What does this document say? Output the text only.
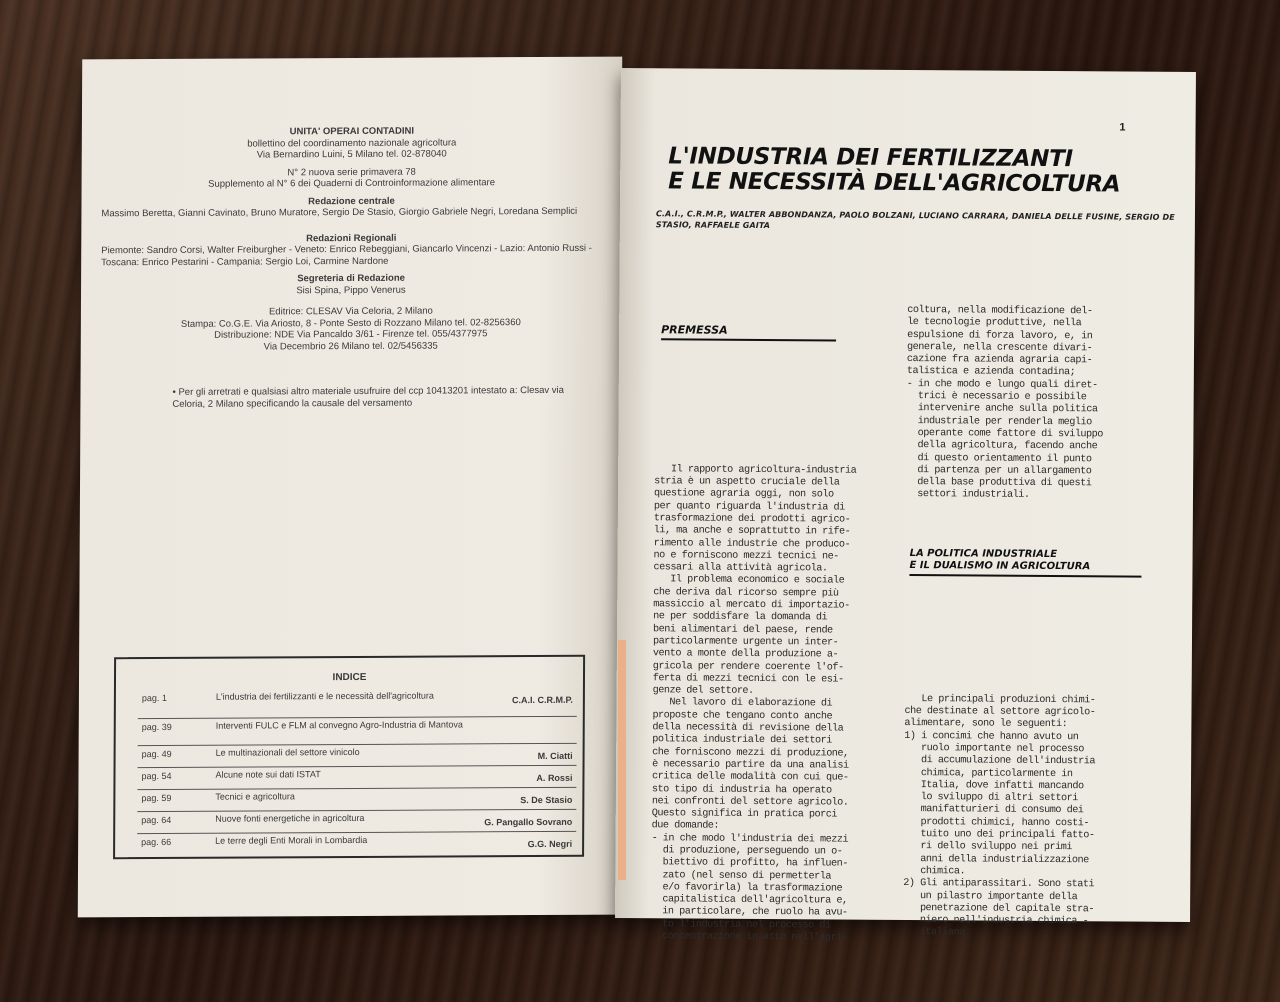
UNITA' OPERAI CONTADINI
bollettino del coordinamento nazionale agricoltura
Via Bernardino Luini, 5 Milano tel. 02-878040
N° 2 nuova serie primavera 78
Supplemento al N° 6 dei Quaderni di Controinformazione alimentare
Redazione centrale
Massimo Beretta, Gianni Cavinato, Bruno Muratore, Sergio De Stasio, Giorgio Gabriele Negri, Loredana Semplici
Redazioni Regionali
Piemonte: Sandro Corsi, Walter Freiburgher - Veneto: Enrico Rebeggiani, Giancarlo Vincenzi - Lazio: Antonio Russi - Toscana: Enrico Pestarini - Campania: Sergio Loi, Carmine Nardone
Segreteria di Redazione
Sisi Spina, Pippo Venerus
Editrice: CLESAV Via Celoria, 2 Milano
Stampa: Co.G.E. Via Ariosto, 8 - Ponte Sesto di Rozzano Milano tel. 02-8256360
Distribuzione: NDE Via Pancaldo 3/61 - Firenze tel. 055/4377975
Via Decembrio 26 Milano tel. 02/5456335
• Per gli arretrati e qualsiasi altro materiale usufruire del ccp 10413201 intestato a: Clesav via Celoria, 2 Milano specificando la causale del versamento
INDICE
pag. 1	L'industria dei fertilizzanti e le necessità dell'agricoltura	C.A.I. C.R.M.P.
pag. 39	Interventi FULC e FLM al convegno Agro-Industria di Mantova
pag. 49	Le multinazionali del settore vinicolo	M. Ciatti
pag. 54	Alcune note sui dati ISTAT	A. Rossi
pag. 59	Tecnici e agricoltura	S. De Stasio
pag. 64	Nuove fonti energetiche in agricoltura	G. Pangallo Sovrano
pag. 66	Le terre degli Enti Morali in Lombardia	G.G. Negri
1
L'INDUSTRIA DEI FERTILIZZANTI
E LE NECESSITÀ DELL'AGRICOLTURA
C.A.I., C.R.M.P., WALTER ABBONDANZA, PAOLO BOLZANI, LUCIANO CARRARA, DANIELA DELLE FUSINE, SERGIO DE STASIO, RAFFAELE GAITA
PREMESSA

Il rapporto agricoltura-industria
stria è un aspetto cruciale della
questione agraria oggi, non solo
per quanto riguarda l'industria di
trasformazione dei prodotti agrico-
li, ma anche e soprattutto in rife-
rimento alle industrie che produco-
no e forniscono mezzi tecnici ne-
cessari alla attività agricola.
Il problema economico e sociale
che deriva dal ricorso sempre più
massiccio al mercato di importazio-
ne per soddisfare la domanda di
beni alimentari del paese, rende
particolarmente urgente un inter-
vento a monte della produzione a-
gricola per rendere coerente l'of-
ferta di mezzi tecnici con le esi-
genze del settore.
Nel lavoro di elaborazione di
proposte che tengano conto anche
della necessità di revisione della
politica industriale dei settori
che forniscono mezzi di produzione,
è necessario partire da una analisi
critica delle modalità con cui que-
sto tipo di industria ha operato
nei confronti del settore agricolo.
Questo significa in pratica porci
due domande:
- in che modo l'industria dei mezzi
di produzione, perseguendo un o-
biettivo di profitto, ha influen-
zato (nel senso di permetterla
e/o favorirla) la trasformazione
capitalistica dell'agricoltura e,
in particolare, che ruolo ha avu-
to l'industria nel processo di
concentrazione in atto nell'agri-
coltura, nella modificazione del-
le tecnologie produttive, nella
espulsione di forza lavoro, e, in
generale, nella crescente divari-
cazione fra azienda agraria capi-
talistica e azienda contadina;
- in che modo e lungo quali diret-
trici è necessario e possibile
intervenire anche sulla politica
industriale per renderla meglio
operante come fattore di sviluppo
della agricoltura, facendo anche
di questo orientamento il punto
di partenza per un allargamento
della base produttiva di questi
settori industriali.
LA POLITICA INDUSTRIALE
E IL DUALISMO IN AGRICOLTURA

Le principali produzioni chimi-
che destinate al settore agricolo-
alimentare, sono le seguenti:
1) i concimi che hanno avuto un
ruolo importante nel processo
di accumulazione dell'industria
chimica, particolarmente in
Italia, dove infatti mancando
lo sviluppo di altri settori
manifatturieri di consumo dei
prodotti chimici, hanno costi-
tuito uno dei principali fatto-
ri dello sviluppo nei primi
anni della industrializzazione
chimica.
2) Gli antiparassitari. Sono stati
un pilastro importante della
penetrazione del capitale stra-
niero nell'industria chimica -
italiana.
